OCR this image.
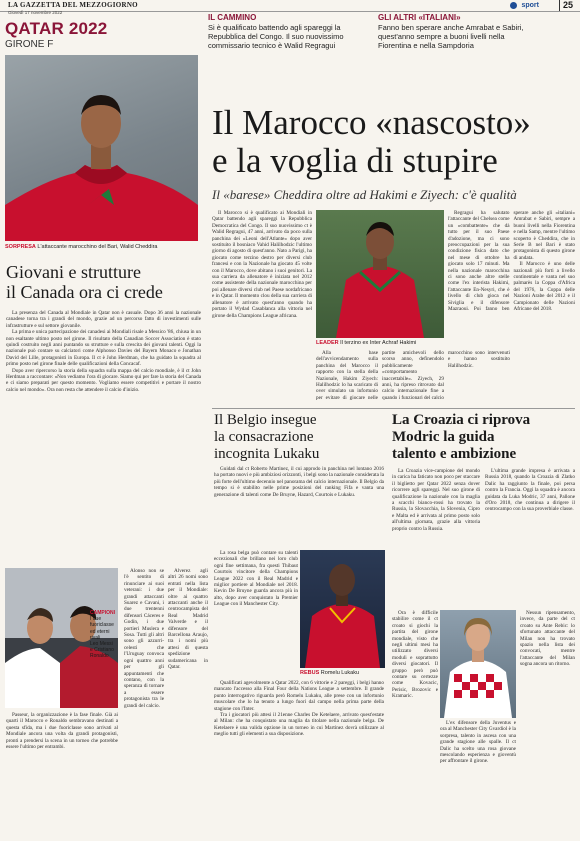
LA GAZZETTA DEL MEZZOGIORNO
Giovedì 17 novembre 2022
$^{sport}$	25
QATAR 2022
GIRONE F
IL CAMMINO
Si è qualificato battendo agli spareggi la Repubblica del Congo. Il suo nuovissimo commissario tecnico è Walid Regragui
GLI ALTRI «ITALIANI»
Fanno ben sperare anche Amrabat e Sabiri, quest'anno sempre a buoni livelli nella Fiorentina e nella Sampdoria
SORPRESA L'attaccante marocchino del Bari, Walid Cheddira
Giovani e strutture
il Canada ora ci crede

La presenza del Canada al Mondiale in Qatar non è casuale. Dopo 36 anni la nazionale canadese torna tra i grandi del mondo, grazie ad un percorso fatto di investimenti sulle infrastrutture e sul settore giovanile.

La prima e unica partecipazione dei canadesi ai Mondiali risale a Messico '86, chiusa in un non esaltante ultimo posto nel girone. Il risultato della Canadian Soccer Association è stato quindi costruito negli anni puntando su strutture e sulla crescita dei giovani talenti. Oggi la nazionale può contare su calciatori come Alphonso Davies del Bayern Monaco e Jonathan David del Lille, protagonisti in Europa. Il ct è John Herdman, che ha guidato la squadra al primo posto nel girone finale delle qualificazioni della Concacaf.

Dopo aver ripercorso la storia della squadra sulla mappa del calcio mondiale, è il ct John Herdman a raccontare: «Non vediamo l'ora di giocare. Siamo qui per fare la storia del Canada e ci siamo preparati per questo momento. Vogliamo essere competitivi e portare il nostro calcio nel mondo». Ora non resta che attendere il calcio d'inizio.

CAMPIONI
I due
fuoriclasse
ed eterni
rivali
Leo Messi
e Cristiano
Ronaldo

Passeur, la organizzazione è la fase finale. Già ai quarti il Marocco e Ronaldo sembravano destinati a questa sfida, ma i due fuoriclasse sono arrivati al Mondiale ancora una volta da grandi protagonisti, pronti a prendersi la scena in un torneo che potrebbe essere l'ultimo per entrambi.

Alonso non se l'è sentito di rinunciare ai suoi veterani: i due grandi attaccanti Suarez e Cavani, i due trentenni difensori Cáceres e Godín, i due portieri Muslera e Sosa. Tutti gli altri sono gli azzurri-celesti che l'Uruguay convoca ogni quattro anni per gli appuntamenti che contano, con la speranza di tornare a essere protagonista tra le grandi del calcio.

Alverez agli altri 26 nomi sono entrati nella lista per il Mondiale: oltre ai quattro attaccanti anche il centrocampista del Real Madrid Valverde e il difensore del Barcellona Araujo, tra i nomi più attesi di questa spedizione sudamericana in Qatar.

Il Marocco «nascosto»
e la voglia di stupire
Il «barese» Cheddira oltre ad Hakimi e Ziyech: c'è qualità

Il Marocco si è qualificato ai Mondiali in Qatar battendo agli spareggi la Repubblica Democratica del Congo. Il suo nuovissimo ct è Walid Regragui, 47 anni, arrivato da poco sulla panchina dei «Leoni dell'Atlante» dopo aver sostituito il bosniaco Vahid Halilhodzic l'ultimo giorno di agosto di quest'anno. Nato a Parigi, ha giocato come terzino destro per diversi club francesi e con la Nazionale ha giocato 45 volte con il Marocco, dove abitano i suoi genitori. La sua carriera da allenatore è iniziata nel 2012 come assistente della nazionale marocchina per poi allenare diversi club nel Paese nordafricano e in Qatar. Il momento clou della sua carriera di allenatore è arrivato quest'anno quando ha portato il Wydad Casablanca alla vittoria nel girone della Champions League africana.

LEADER Il terzino ex Inter Achraf Hakimi

Alla base dell'avvicendamento sulla panchina del Marocco il rapporto con la stella della Nazionale, Hakim Ziyech: Halilhodzic lo ha scaricato di over simulato un infortunio per evitare di giocare nelle partite amichevoli dello scorso anno, definendolo pubblicamente «comportamento inaccettabile». Ziyech, 29 anni, ha ripreso ritrovato dal calcio internazionale fine a quando i funzionari del calcio marocchino sono intervenuti e hanno sostituito Halilhodzic.

Regragui ha salutato l'attaccante del Chelsea come un «combattente» che dà tutto per il suo Paese d'adozione, ma ci sono preoccupazioni per la sua condizione fisica dato che nel mese di ottobre ha giocato solo 17 minuti. Ma nella nazionale marocchina ci sono anche altre stelle come l'ex interista Hakimi, l'attaccante En-Nesyri, che è livello di club gioca nel Siviglia e il difensore Mazraoui. Poi fanno ben sperare anche gli «italiani» Amrabat e Sabiri, sempre a buoni livelli nella Fiorentina e nella Samp, mentre l'ultimo scoperto è Cheddira, che in Serie B nel Bari è stato protagonista di questo girone di andata.

Il Marocco è uno delle nazionali più forti a livello continentale e vanta nel suo palmarès la Coppa d'Africa del 1976, la Coppa delle Nazioni Arabe del 2012 e il Campionato delle Nazioni Africane del 2018.

Il Belgio insegue
la consacrazione
incognita Lukaku

Guidati dal ct Roberto Martinez, il cui approdo in panchina nel lontano 2016 ha portato nuovi e più ambiziosi orizzonti, i belgi sono la nazionale considerata la più forte dell'ultimo decennio nel panorama del calcio internazionale. Il Belgio da tempo si è stabilito nelle prime posizioni del ranking Fifa e vanta una generazione di talenti come De Bruyne, Hazard, Courtois e Lukaku.

La rosa belga può contare su talenti eccezionali che brillano nei loro club ogni fine settimana, fra questi Thibaut Courtois vincitore della Champions League 2022 con il Real Madrid e miglior portiere al Mondiale nel 2018. Kevin De Bruyne guarda ancora più in alto, dopo aver conquistato la Premier League con il Manchester City.

REBUS Romelu Lukaku

Qualificati agevolmente a Qatar 2022, con 6 vittorie e 2 pareggi, i belgi hanno mancato l'accesso alla Final Four della Nations League a settembre. Il grande punto interrogativo riguarda però Romelu Lukaku, alle prese con un infortunio muscolare che lo ha tenuto a lungo fuori dal campo nella prima parte della stagione con l'Inter.

Tra i giocatori più attesi il 21enne Charles De Ketelaere, arrivato quest'estate al Milan: che ha conquistato una maglia da titolare nella nazionale belga. De Ketelaere è una valida opzione in un torneo in cui Martinez dovrà utilizzare al meglio tutti gli elementi a sua disposizione.

La Croazia ci riprova
Modric la guida
talento e ambizione

La Croazia vice-campione del mondo in carica ha faticato non poco per staccare il biglietto per Qatar 2022 senza dover ricorrere agli spareggi. Nel suo girone di qualificazione la nazionale con la maglia a scacchi bianco-rossi ha trovato la Russia, la Slovacchia, la Slovenia, Cipro e Malta ed è arrivata al primo posto solo all'ultima giornata, grazie alla vittoria proprio contro la Russia.

L'ultima grande impresa è arrivata a Russia 2018, quando la Croazia di Zlatko Dalic ha raggiunto la finale, poi persa contro la Francia. Oggi la squadra è ancora guidata da Luka Modric, 37 anni, Pallone d'Oro 2018, che continua a dirigere il centrocampo con la sua proverbiale classe.

Ora è difficile stabilire come il ct croato si giochi la partita del girone mondiale, visto che negli ultimi mesi ha utilizzato diversi moduli e soprattutto diversi giocatori. Il gruppo però può contare su certezze come Kovacic, Perisic, Brozovic e Kramaric.

L'ex difensore della Juventus e ora al Manchester City Gvardiol è la sorpresa, talento in ascesa con una grande stagione alle spalle. Il ct Dalic ha scelto una rosa giovane mescolando esperienza e gioventù per affrontare il girone.

Nessun ripensamento, invece, da parte del ct croato su Ante Rebic: lo sfortunato attaccante del Milan non ha trovato spazio nella lista dei convocati, mentre l'attaccante del Milan sogna ancora un ritorno.
